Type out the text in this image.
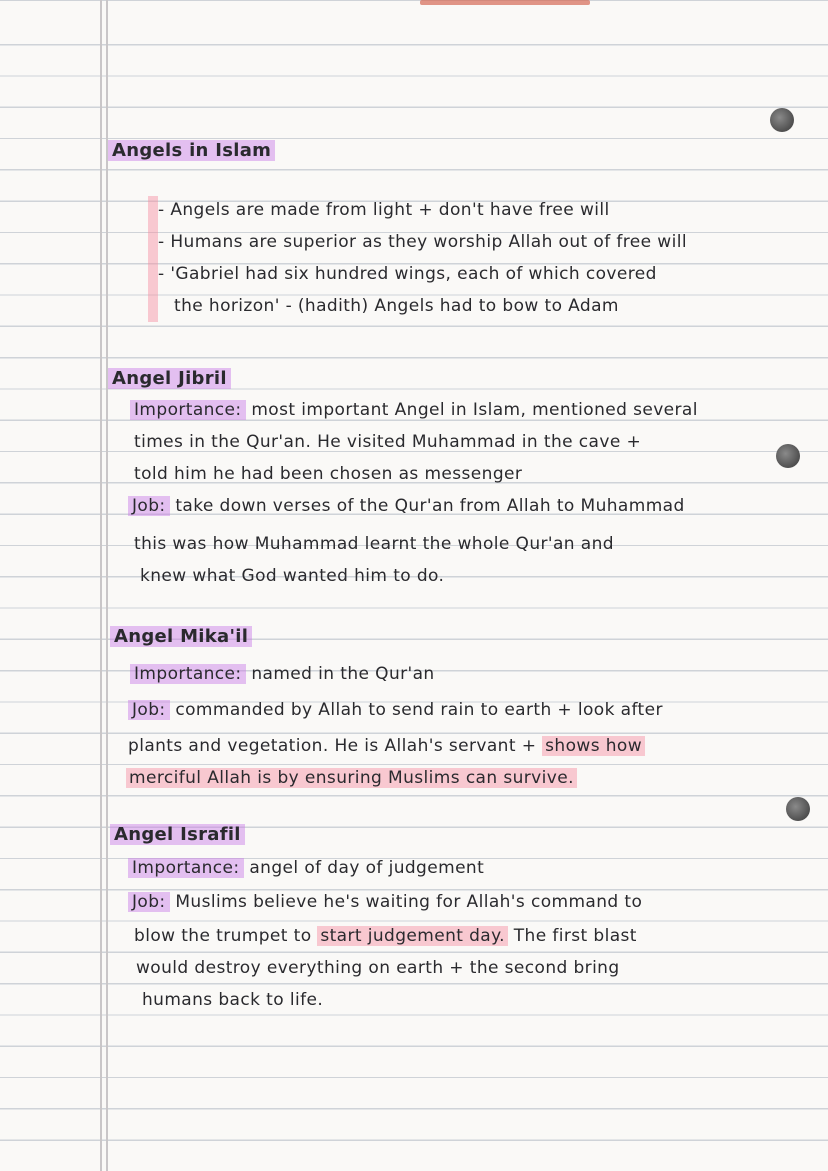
Angels in Islam
- Angels are made from light + don't have free will
- Humans are superior as they worship Allah out of free will
- 'Gabriel had six hundred wings, each of which covered
the horizon' - (hadith) Angels had to bow to Adam
Angel Jibril
Importance: most important Angel in Islam, mentioned several
times in the Qur'an. He visited Muhammad in the cave +
told him he had been chosen as messenger
Job: take down verses of the Qur'an from Allah to Muhammad
this was how Muhammad learnt the whole Qur'an and
knew what God wanted him to do.
Angel Mika'il
Importance: named in the Qur'an
Job: commanded by Allah to send rain to earth + look after
plants and vegetation. He is Allah's servant + shows how
merciful Allah is by ensuring Muslims can survive.
Angel Israfil
Importance: angel of day of judgement
Job: Muslims believe he's waiting for Allah's command to
blow the trumpet to start judgement day. The first blast
would destroy everything on earth + the second bring
humans back to life.
